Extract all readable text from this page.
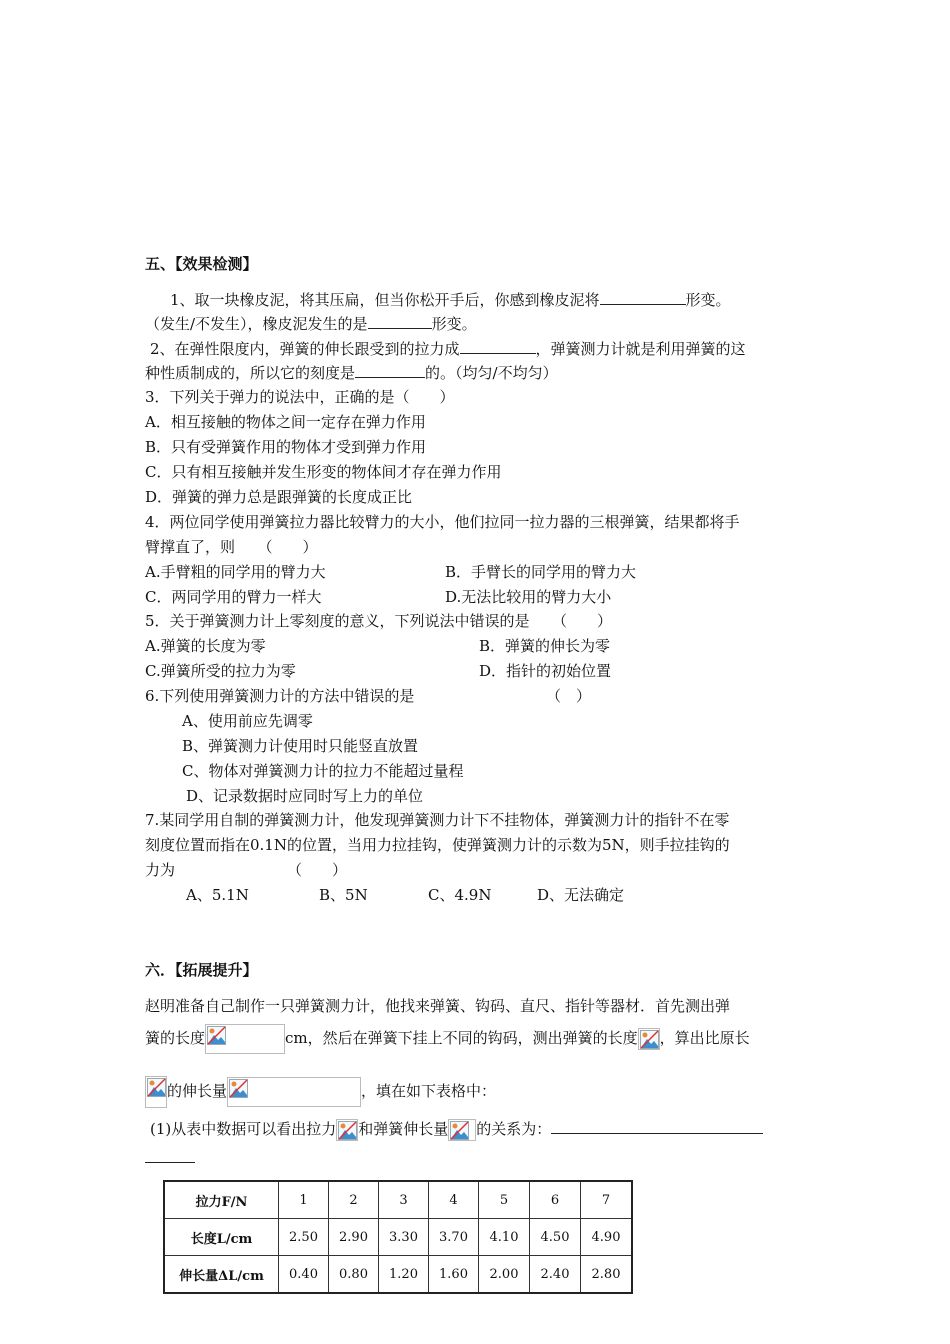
五、【效果检测】
1、取一块橡皮泥，将其压扁，但当你松开手后，你感到橡皮泥将	形变。
（发生/不发生），橡皮泥发生的是	形变。
2、在弹性限度内，弹簧的伸长跟受到的拉力成	，弹簧测力计就是利用弹簧的这
种性质制成的，所以它的刻度是	的。（均匀/不均匀）
3．下列关于弹力的说法中，正确的是（　　）
A．相互接触的物体之间一定存在弹力作用
B．只有受弹簧作用的物体才受到弹力作用
C．只有相互接触并发生形变的物体间才存在弹力作用
D．弹簧的弹力总是跟弹簧的长度成正比
4．两位同学使用弹簧拉力器比较臂力的大小，他们拉同一拉力器的三根弹簧，结果都将手
臂撑直了，则　　（　　）
A.手臂粗的同学用的臂力大	B．手臂长的同学用的臂力大
C．两同学用的臂力一样大	D.无法比较用的臂力大小
5．关于弹簧测力计上零刻度的意义，下列说法中错误的是　　（　　）
A.弹簧的长度为零	B．弹簧的伸长为零
C.弹簧所受的拉力为零	D．指针的初始位置
6.下列使用弹簧测力计的方法中错误的是	（　）
A、使用前应先调零
B、弹簧测力计使用时只能竖直放置
C、物体对弹簧测力计的拉力不能超过量程
D、记录数据时应同时写上力的单位
7.某同学用自制的弹簧测力计，他发现弹簧测力计下不挂物体，弹簧测力计的指针不在零
刻度位置而指在0.1N的位置，当用力拉挂钩，使弹簧测力计的示数为5N，则手拉挂钩的
力为	（　　）
A、5.1N	B、5N	C、4.9N	D、无法确定
六．【拓展提升】
赵明准备自己制作一只弹簧测力计，他找来弹簧、钩码、直尺、指针等器材．首先测出弹
簧的长度	cm，然后在弹簧下挂上不同的钩码，测出弹簧的长度 ，算出比原长
的伸长量	，填在如下表格中：
(1)从表中数据可以看出拉力 和弹簧伸长量 的关系为：
拉力F/N	1	2	3	4	5	6	7
长度L/cm	2.50	2.90	3.30	3.70	4.10	4.50	4.90
伸长量ΔL/cm	0.40	0.80	1.20	1.60	2.00	2.40	2.80
